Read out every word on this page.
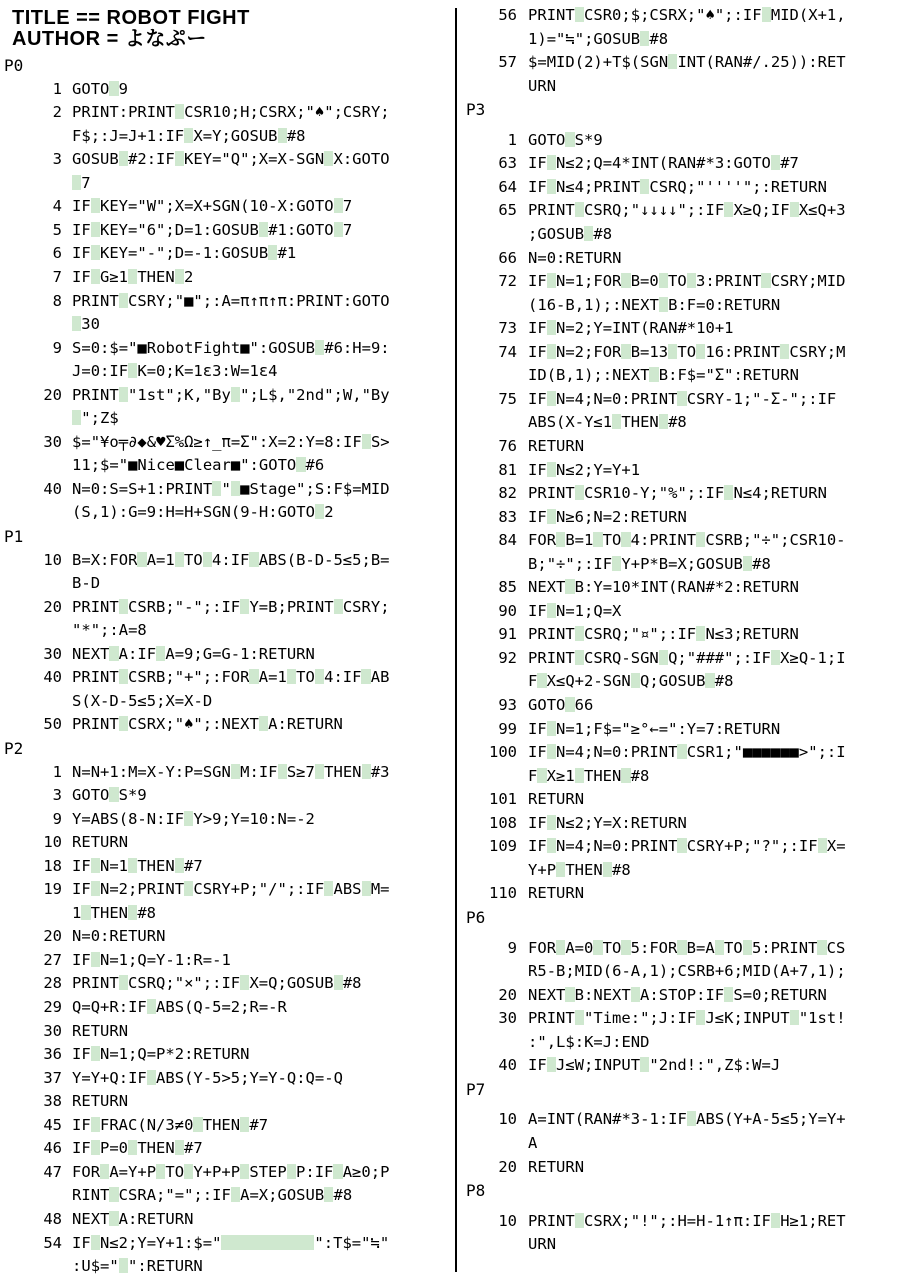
TITLE == ROBOT FIGHT
AUTHOR = よなぷー
P0
1 GOTO 9
2 PRINT:PRINT CSR10;H;CSRX;"♠";CSRY;
F$;:J=J+1:IF X=Y;GOSUB #8
3 GOSUB #2:IF KEY="Q";X=X-SGN X:GOTO
7
4 IF KEY="W";X=X+SGN(10-X:GOTO 7
5 IF KEY="6";D=1:GOSUB #1:GOTO 7
6 IF KEY="-";D=-1:GOSUB #1
7 IF G≥1 THEN 2
8 PRINT CSRY;"■";:A=π↑π↑π:PRINT:GOTO
30
9 S=0:$="■RobotFight■":GOSUB #6:H=9:
J=0:IF K=0;K=1ε3:W=1ε4
20 PRINT "1st";K,"By ";L$,"2nd";W,"By
";Z$
30 $="¥o╤∂◆&♥Σ%Ω≥↑_π=Σ":X=2:Y=8:IF S>
11;$="■Nice■Clear■":GOTO #6
40 N=0:S=S+1:PRINT " ■Stage";S:F$=MID
(S,1):G=9:H=H+SGN(9-H:GOTO 2
P1
10 B=X:FOR A=1 TO 4:IF ABS(B-D-5≤5;B=
B-D
20 PRINT CSRB;"-";:IF Y=B;PRINT CSRY;
"*";:A=8
30 NEXT A:IF A=9;G=G-1:RETURN
40 PRINT CSRB;"+";:FOR A=1 TO 4:IF AB
S(X-D-5≤5;X=X-D
50 PRINT CSRX;"♠";:NEXT A:RETURN
P2
1 N=N+1:M=X-Y:P=SGN M:IF S≥7 THEN #3
3 GOTO S*9
9 Y=ABS(8-N:IF Y>9;Y=10:N=-2
10 RETURN
18 IF N=1 THEN #7
19 IF N=2;PRINT CSRY+P;"/";:IF ABS M=
1 THEN #8
20 N=0:RETURN
27 IF N=1;Q=Y-1:R=-1
28 PRINT CSRQ;"×";:IF X=Q;GOSUB #8
29 Q=Q+R:IF ABS(Q-5=2;R=-R
30 RETURN
36 IF N=1;Q=P*2:RETURN
37 Y=Y+Q:IF ABS(Y-5>5;Y=Y-Q:Q=-Q
38 RETURN
45 IF FRAC(N/3≠0 THEN #7
46 IF P=0 THEN #7
47 FOR A=Y+P TO Y+P+P STEP P:IF A≥0;P
RINT CSRA;"=";:IF A=X;GOSUB #8
48 NEXT A:RETURN
54 IF N≤2;Y=Y+1:$="	":T$="≒"
:U$=" ":RETURN
56 PRINT CSR0;$;CSRX;"♠";:IF MID(X+1,
1)="≒";GOSUB #8
57 $=MID(2)+T$(SGN INT(RAN#/.25)):RET
URN
P3
1 GOTO S*9
63 IF N≤2;Q=4*INT(RAN#*3:GOTO #7
64 IF N≤4;PRINT CSRQ;"''''";:RETURN
65 PRINT CSRQ;"↓↓↓↓";:IF X≥Q;IF X≤Q+3
;GOSUB #8
66 N=0:RETURN
72 IF N=1;FOR B=0 TO 3:PRINT CSRY;MID
(16-B,1);:NEXT B:F=0:RETURN
73 IF N=2;Y=INT(RAN#*10+1
74 IF N=2;FOR B=13 TO 16:PRINT CSRY;M
ID(B,1);:NEXT B:F$="Σ":RETURN
75 IF N=4;N=0:PRINT CSRY-1;"-Σ-";:IF
ABS(X-Y≤1 THEN #8
76 RETURN
81 IF N≤2;Y=Y+1
82 PRINT CSR10-Y;"%";:IF N≤4;RETURN
83 IF N≥6;N=2:RETURN
84 FOR B=1 TO 4:PRINT CSRB;"÷";CSR10-
B;"÷";:IF Y+P*B=X;GOSUB #8
85 NEXT B:Y=10*INT(RAN#*2:RETURN
90 IF N=1;Q=X
91 PRINT CSRQ;"¤";:IF N≤3;RETURN
92 PRINT CSRQ-SGN Q;"###";:IF X≥Q-1;I
F X≤Q+2-SGN Q;GOSUB #8
93 GOTO 66
99 IF N=1;F$="≥°←=":Y=7:RETURN
100 IF N=4;N=0:PRINT CSR1;"■■■■■■>";:I
F X≥1 THEN #8
101 RETURN
108 IF N≤2;Y=X:RETURN
109 IF N=4;N=0:PRINT CSRY+P;"?";:IF X=
Y+P THEN #8
110 RETURN
P6
9 FOR A=0 TO 5:FOR B=A TO 5:PRINT CS
R5-B;MID(6-A,1);CSRB+6;MID(A+7,1);
20 NEXT B:NEXT A:STOP:IF S=0;RETURN
30 PRINT "Time:";J:IF J≤K;INPUT "1st!
:",L$:K=J:END
40 IF J≤W;INPUT "2nd!:",Z$:W=J
P7
10 A=INT(RAN#*3-1:IF ABS(Y+A-5≤5;Y=Y+
A
20 RETURN
P8
10 PRINT CSRX;"!";:H=H-1↑π:IF H≥1;RET
URN
